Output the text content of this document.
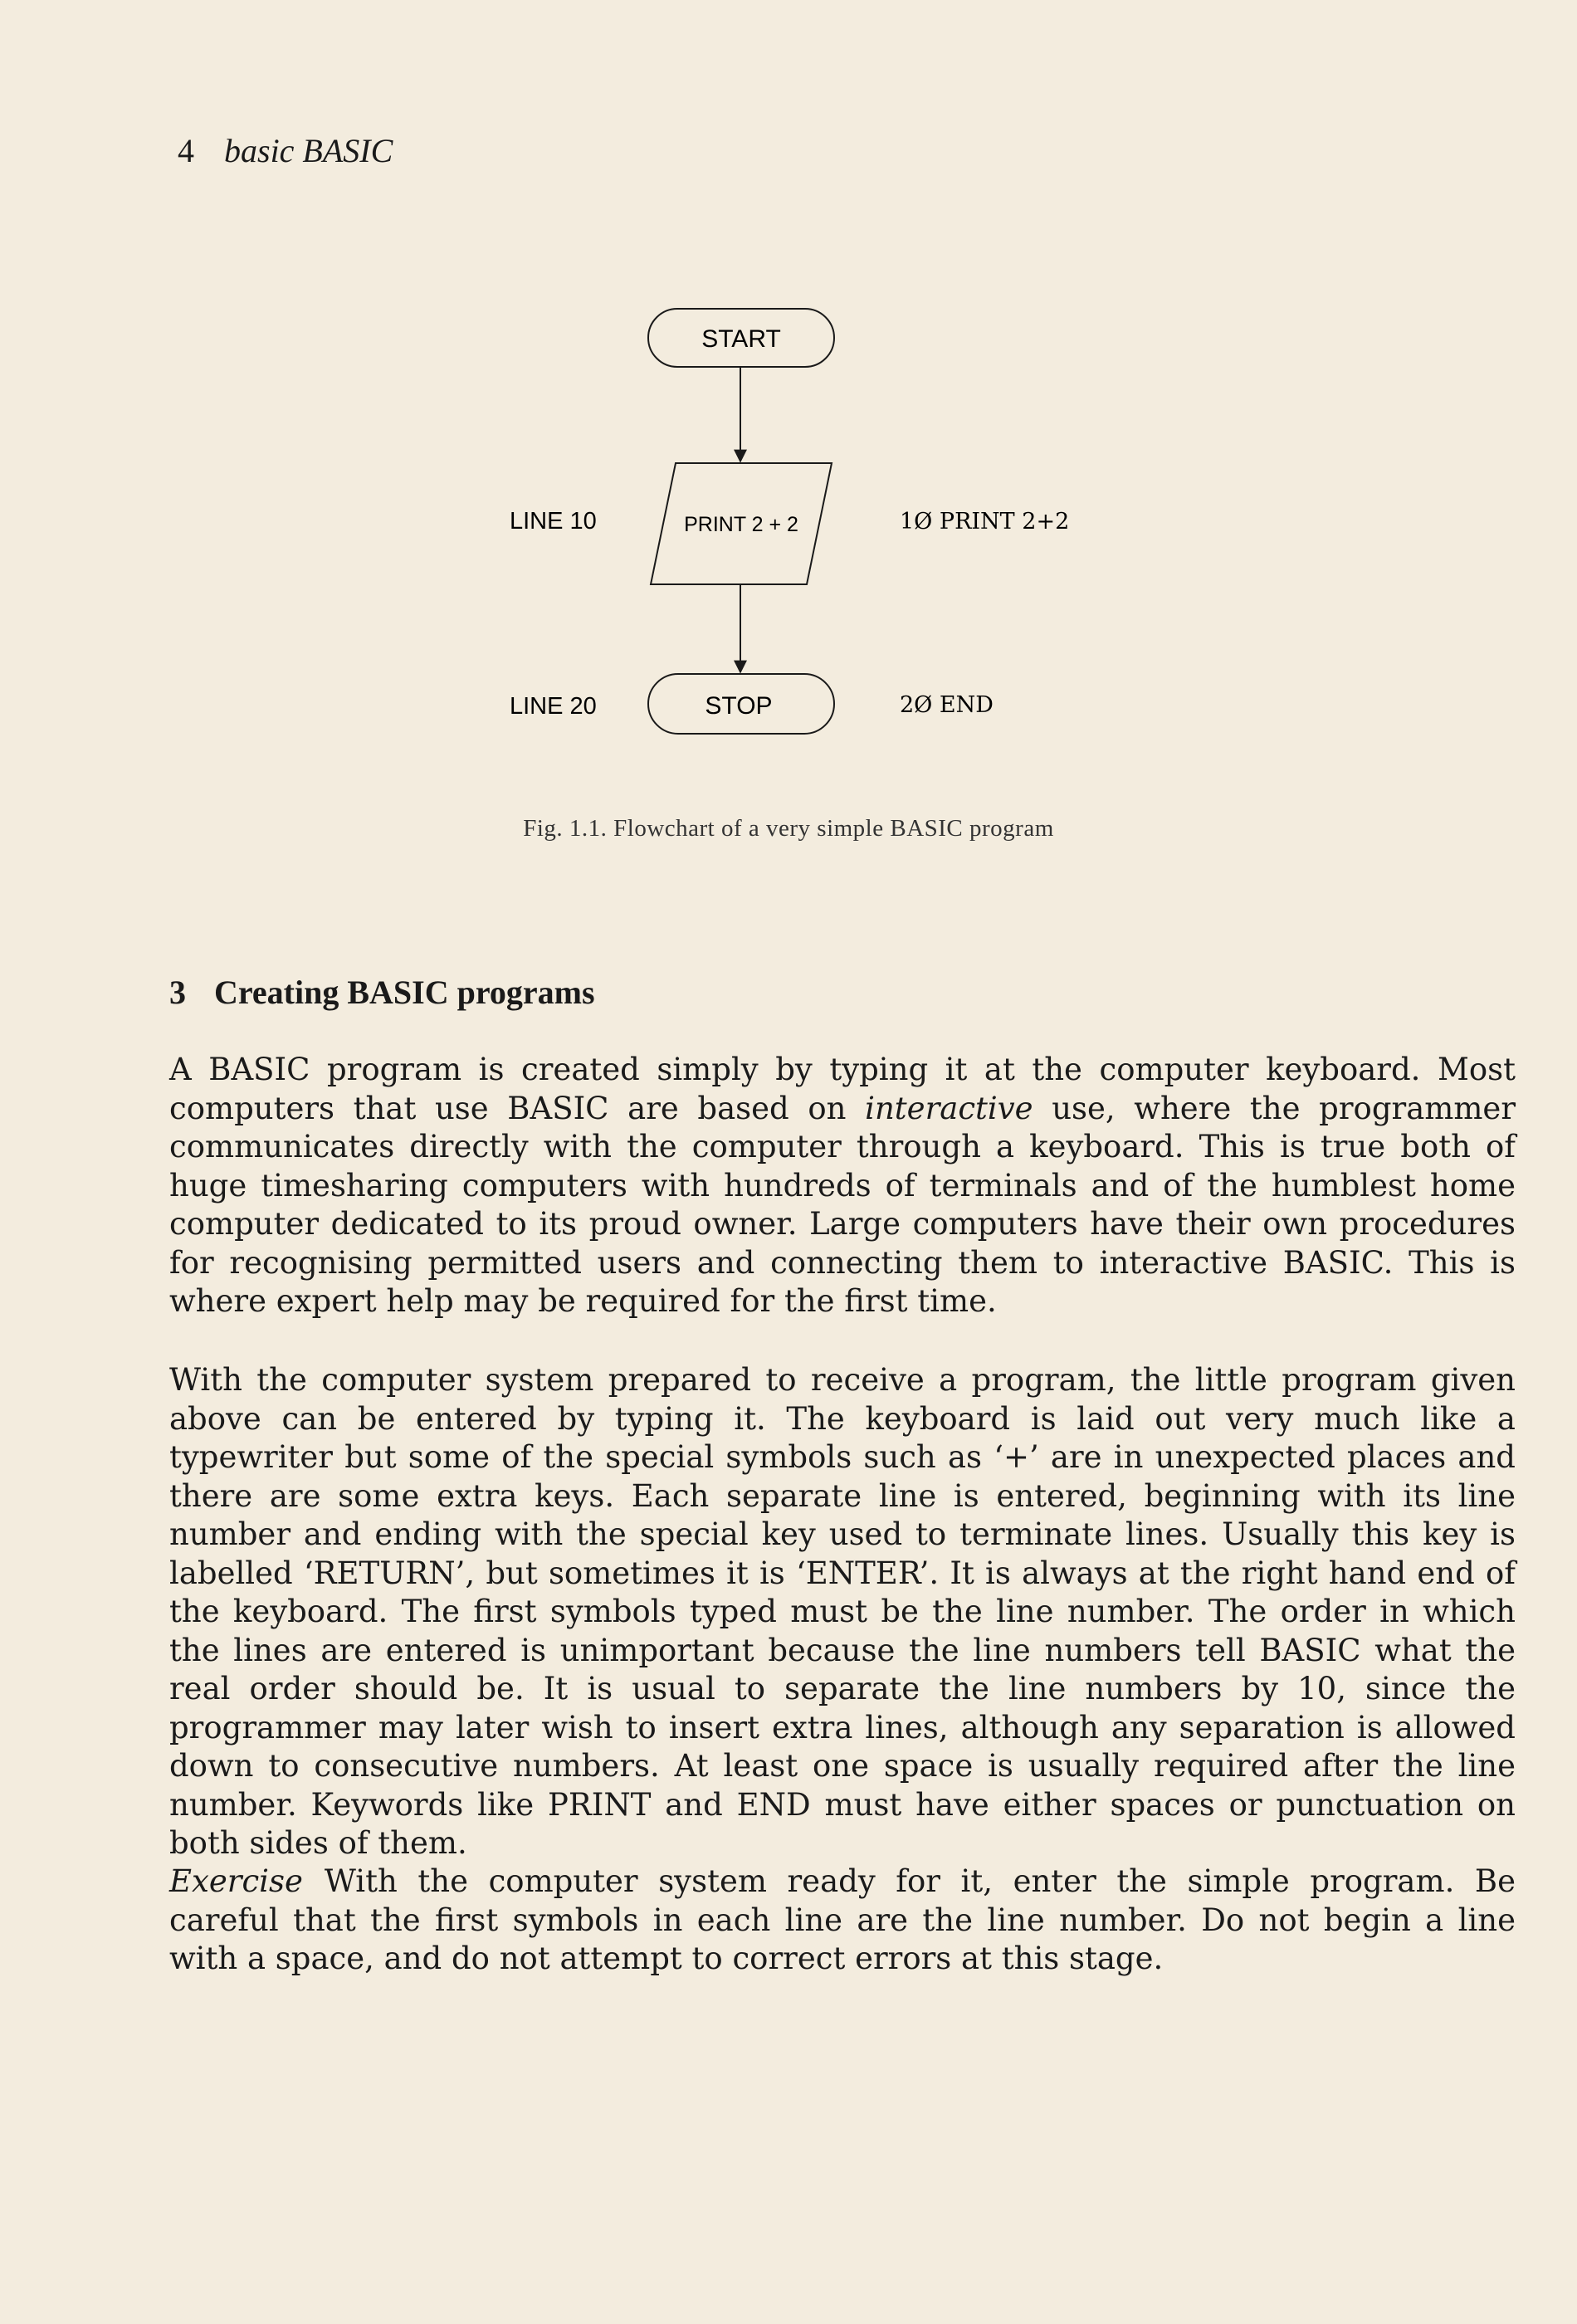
4 basic BASIC
START
PRINT 2 + 2
STOP
LINE 10
LINE 20
1Ø PRINT 2+2
2Ø END
Fig. 1.1. Flowchart of a very simple BASIC program
3 Creating BASIC programs

A BASIC program is created simply by typing it at the computer keyboard. Most computers that use BASIC are based on interactive use, where the programmer communicates directly with the computer through a keyboard. This is true both of huge timesharing computers with hundreds of terminals and of the humblest home computer dedicated to its proud owner. Large computers have their own procedures for recognising permitted users and connecting them to interactive BASIC. This is where expert help may be required for the first time.

With the computer system prepared to receive a program, the little program given above can be entered by typing it. The keyboard is laid out very much like a typewriter but some of the special symbols such as ‘+’ are in unexpected places and there are some extra keys. Each separate line is entered, beginning with its line number and ending with the special key used to terminate lines. Usually this key is labelled ‘RETURN’, but sometimes it is ‘ENTER’. It is always at the right hand end of the keyboard. The first symbols typed must be the line number. The order in which the lines are entered is unimportant because the line numbers tell BASIC what the real order should be. It is usual to separate the line numbers by 10, since the programmer may later wish to insert extra lines, although any separation is allowed down to consecutive numbers. At least one space is usually required after the line number. Keywords like PRINT and END must have either spaces or punctuation on both sides of them.

Exercise With the computer system ready for it, enter the simple program. Be careful that the first symbols in each line are the line number. Do not begin a line with a space, and do not attempt to correct errors at this stage.
